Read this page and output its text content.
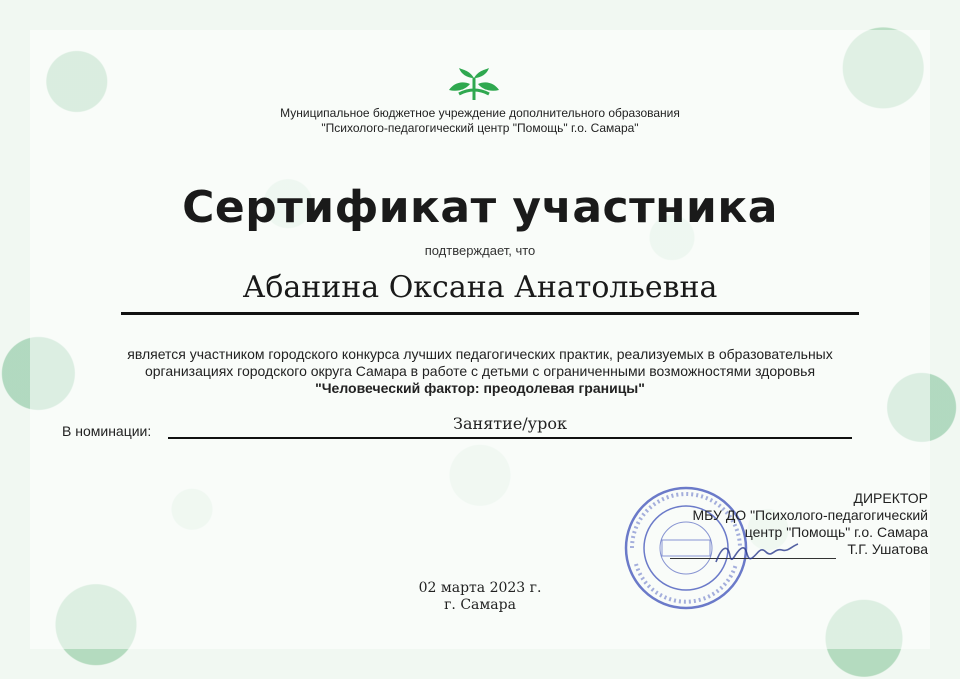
Муниципальное бюджетное учреждение дополнительного образования
"Психолого-педагогический центр "Помощь" г.о. Самара"
Сертификат участника
подтверждает, что
Абанина Оксана Анатольевна
является участником городского конкурса лучших педагогических практик, реализуемых в образовательных
организациях городского округа Самара в работе с детьми с ограниченными возможностями здоровья
"Человеческий фактор: преодолевая границы"
В номинации:	Занятие/урок
ДИРЕКТОР
МБУ ДО "Психолого-педагогический
центр "Помощь" г.о. Самара
Т.Г. Ушатова
02 марта 2023 г.
г. Самара
